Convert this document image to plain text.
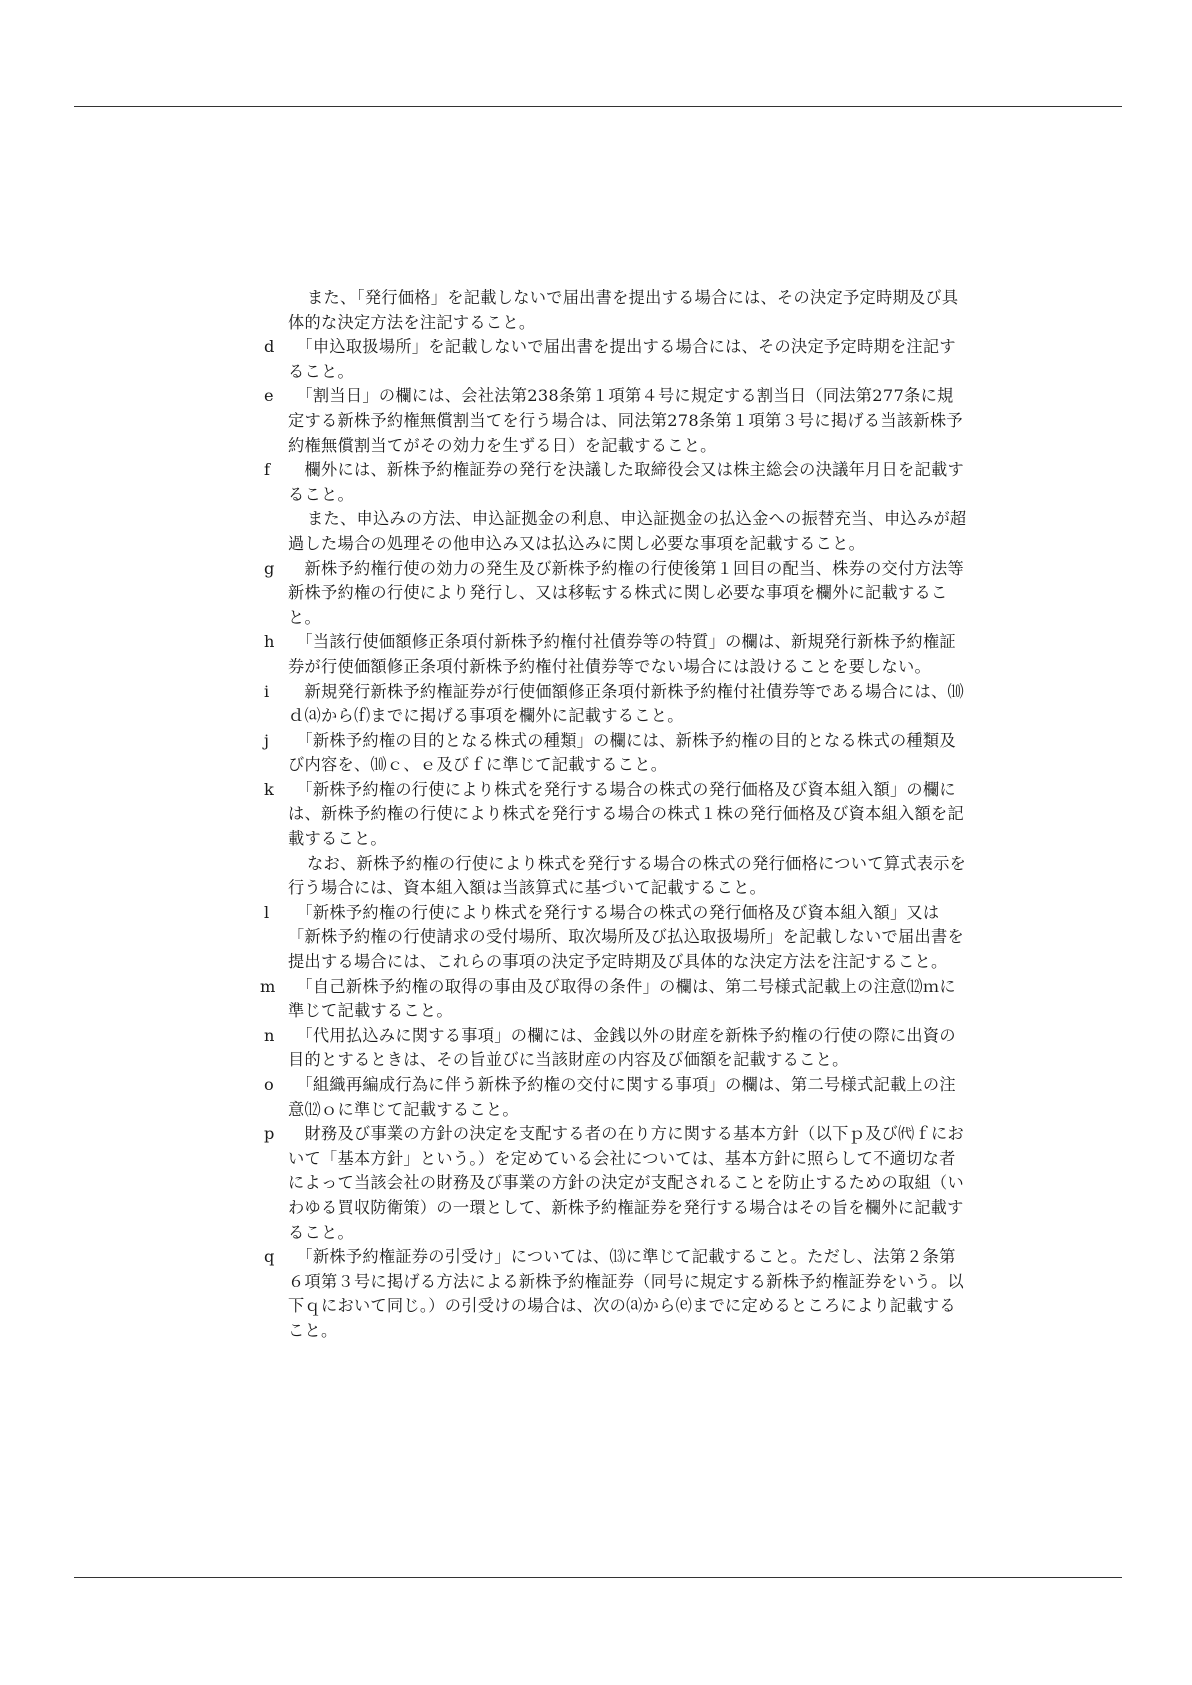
また、「発行価格」を記載しないで届出書を提出する場合には、その決定予定時期及び具体的な決定方法を注記すること。

d
　	「申込取扱場所」を記載しないで届出書を提出する場合には、その決定予定時期を注記すること。

e
　	「割当日」の欄には、会社法第238条第１項第４号に規定する割当日（同法第277条に規定する新株予約権無償割当てを行う場合は、同法第278条第１項第３号に掲げる当該新株予約権無償割当てがその効力を生ずる日）を記載すること。

f
　	欄外には、新株予約権証券の発行を決議した取締役会又は株主総会の決議年月日を記載すること。

また、申込みの方法、申込証拠金の利息、申込証拠金の払込金への振替充当、申込みが超過した場合の処理その他申込み又は払込みに関し必要な事項を記載すること。

g
　	新株予約権行使の効力の発生及び新株予約権の行使後第１回目の配当、株券の交付方法等新株予約権の行使により発行し、又は移転する株式に関し必要な事項を欄外に記載すること。

h
　	「当該行使価額修正条項付新株予約権付社債券等の特質」の欄は、新規発行新株予約権証券が行使価額修正条項付新株予約権付社債券等でない場合には設けることを要しない。

i
　	新規発行新株予約権証券が行使価額修正条項付新株予約権付社債券等である場合には、⑽ｄ⒜から⒡までに掲げる事項を欄外に記載すること。

j
　	「新株予約権の目的となる株式の種類」の欄には、新株予約権の目的となる株式の種類及び内容を、⑽ｃ、ｅ及びｆに準じて記載すること。

k
　	「新株予約権の行使により株式を発行する場合の株式の発行価格及び資本組入額」の欄には、新株予約権の行使により株式を発行する場合の株式１株の発行価格及び資本組入額を記載すること。

なお、新株予約権の行使により株式を発行する場合の株式の発行価格について算式表示を行う場合には、資本組入額は当該算式に基づいて記載すること。

l
　	「新株予約権の行使により株式を発行する場合の株式の発行価格及び資本組入額」又は「新株予約権の行使請求の受付場所、取次場所及び払込取扱場所」を記載しないで届出書を提出する場合には、これらの事項の決定予定時期及び具体的な決定方法を注記すること。

m
　 「自己新株予約権の取得の事由及び取得の条件」の欄は、第二号様式記載上の注意⑿ｍに準じて記載すること。

n
　	「代用払込みに関する事項」の欄には、金銭以外の財産を新株予約権の行使の際に出資の目的とするときは、その旨並びに当該財産の内容及び価額を記載すること。

o
　	「組織再編成行為に伴う新株予約権の交付に関する事項」の欄は、第二号様式記載上の注意⑿ｏに準じて記載すること。

p
　	財務及び事業の方針の決定を支配する者の在り方に関する基本方針（以下ｐ及び㈹ｆにおいて「基本方針」という。）を定めている会社については、基本方針に照らして不適切な者によって当該会社の財務及び事業の方針の決定が支配されることを防止するための取組（いわゆる買収防衛策）の一環として、新株予約権証券を発行する場合はその旨を欄外に記載すること。

q
　	「新株予約権証券の引受け」については、⒀に準じて記載すること。ただし、法第２条第６項第３号に掲げる方法による新株予約権証券（同号に規定する新株予約権証券をいう。以下ｑにおいて同じ。）の引受けの場合は、次の⒜から⒠までに定めるところにより記載すること。
